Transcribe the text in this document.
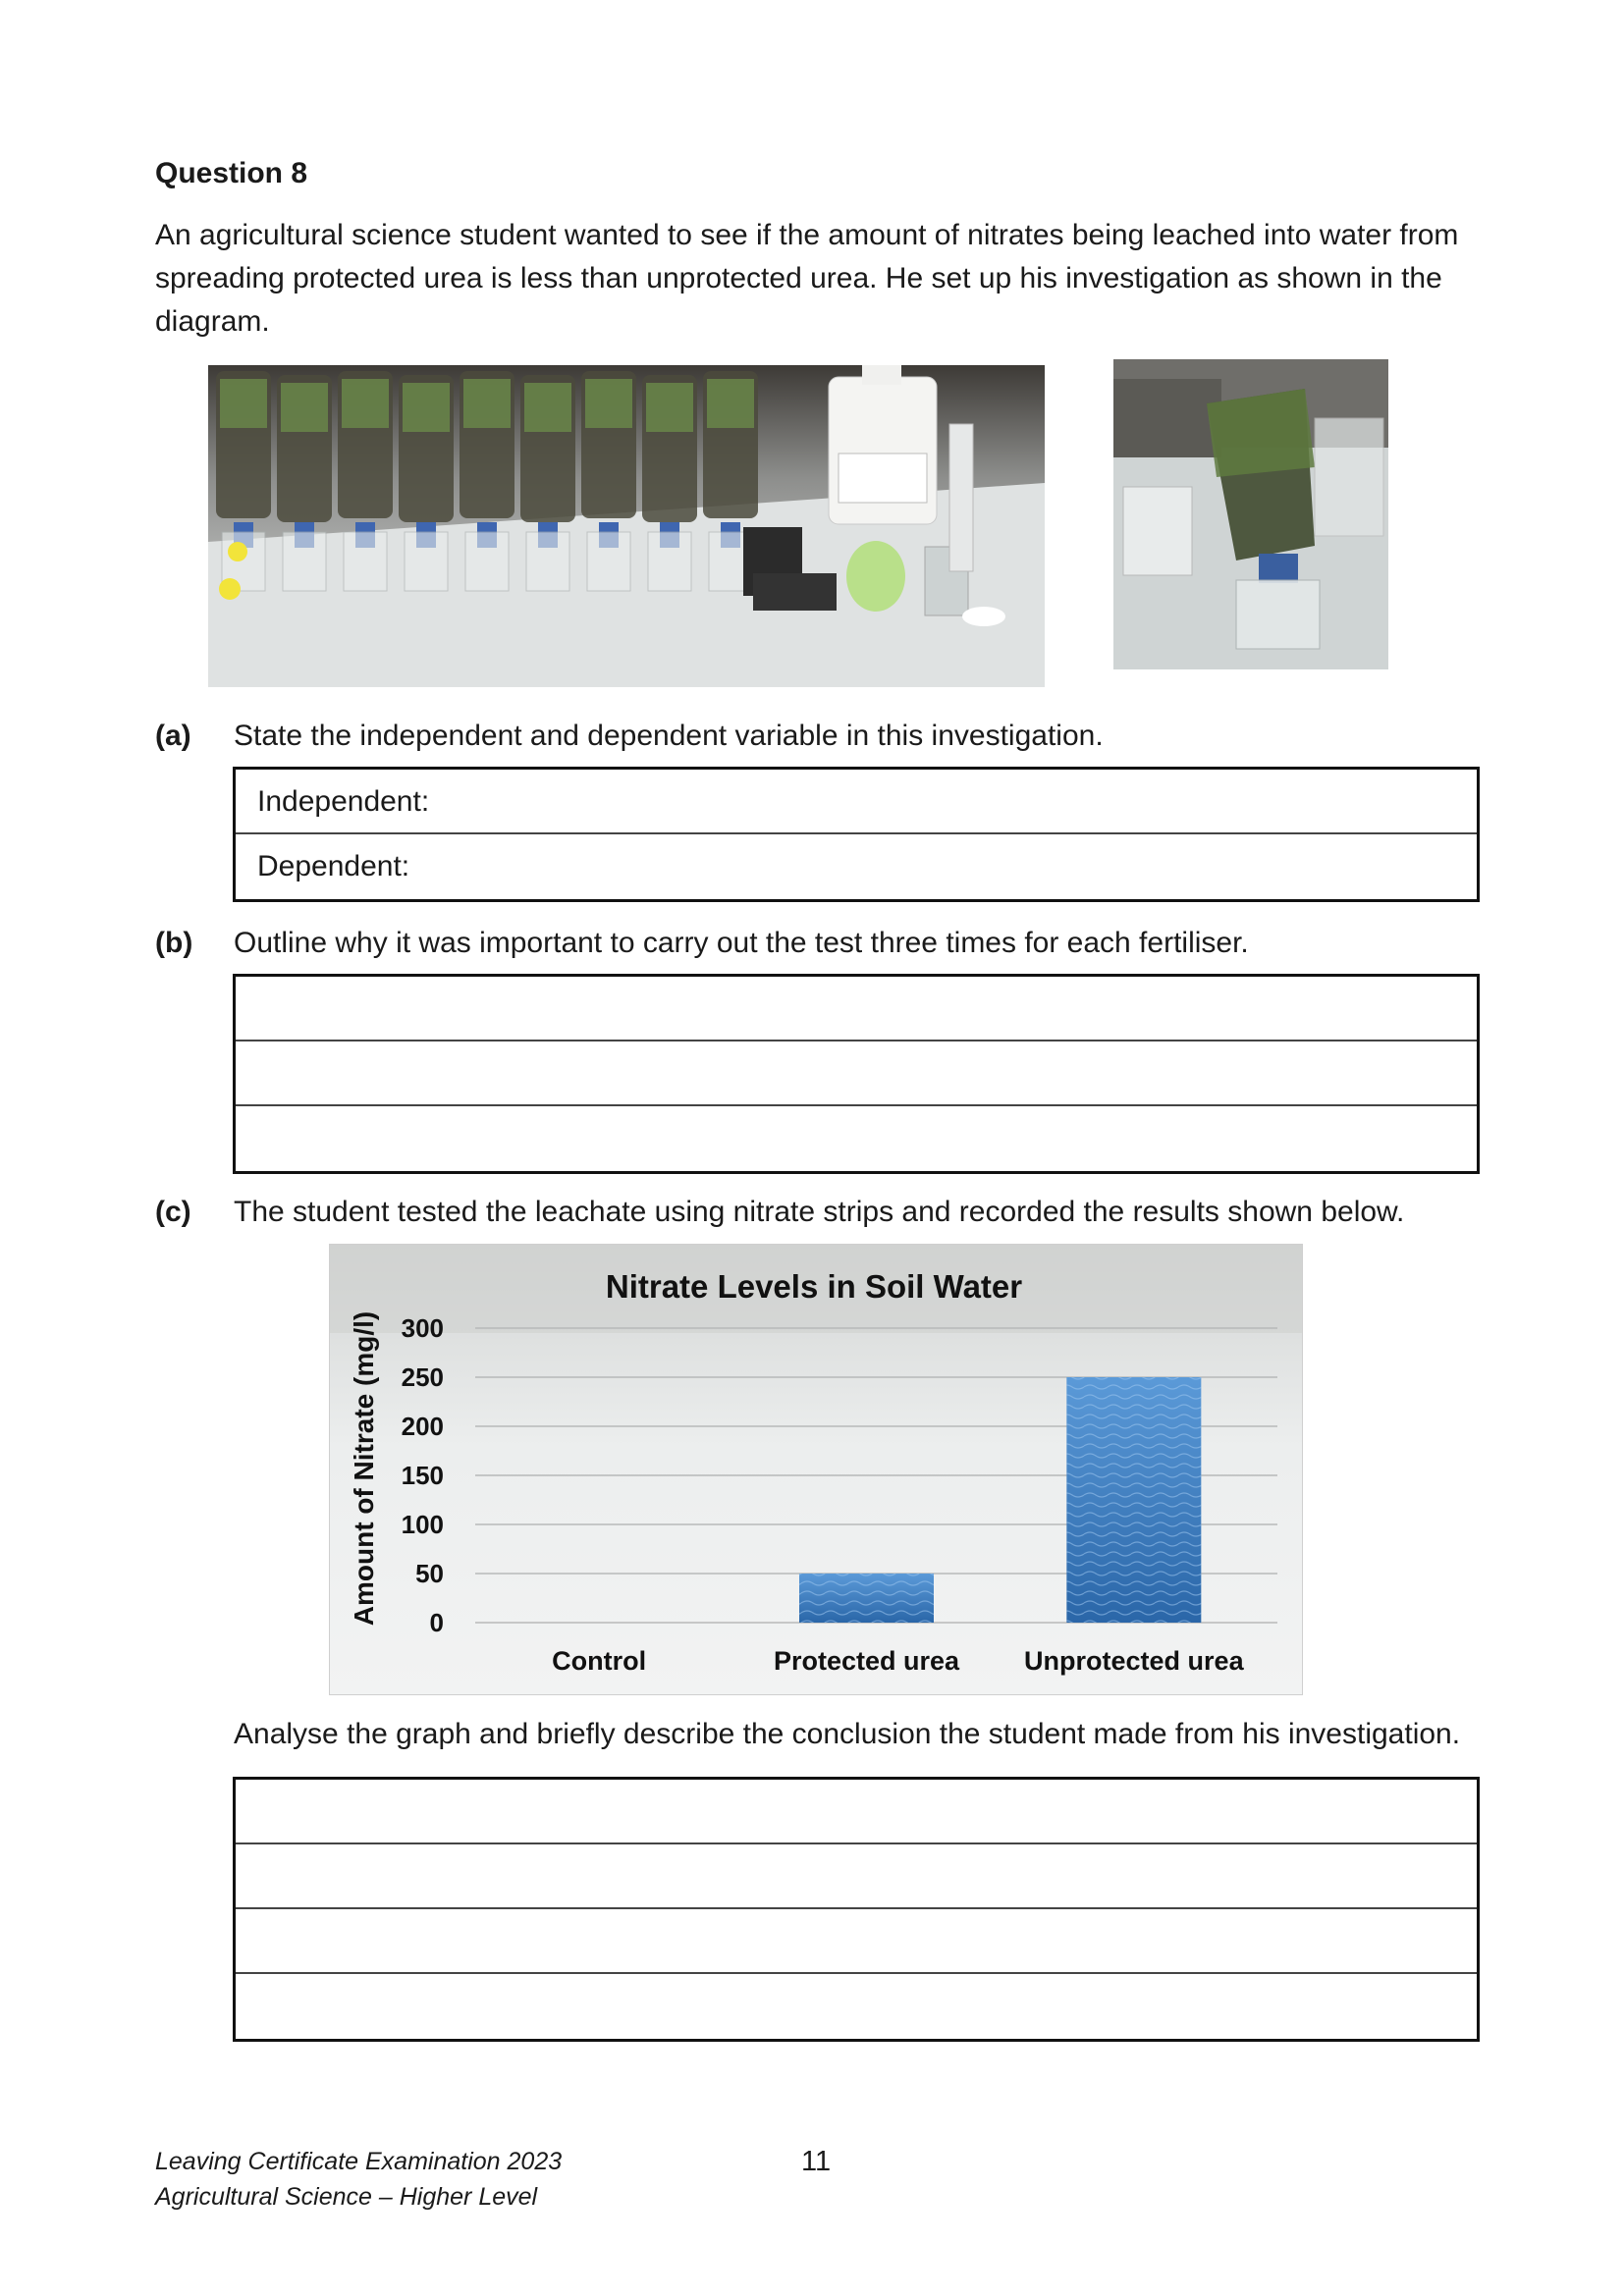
Question 8
An agricultural science student wanted to see if the amount of nitrates being leached into water from spreading protected urea is less than unprotected urea. He set up his investigation as shown in the diagram.
(a) State the independent and dependent variable in this investigation.
Independent:
Dependent:
(b) Outline why it was important to carry out the test three times for each fertiliser.
(c) The student tested the leachate using nitrate strips and recorded the results shown below.
0
50
100
150
200
250
300
Control	Protected urea Unprotected urea
Nitrate Levels in Soil Water
Amount of Nitrate (mg/l)
Analyse the graph and briefly describe the conclusion the student made from his investigation.
Leaving Certificate Examination 2023
Agricultural Science – Higher Level
11
